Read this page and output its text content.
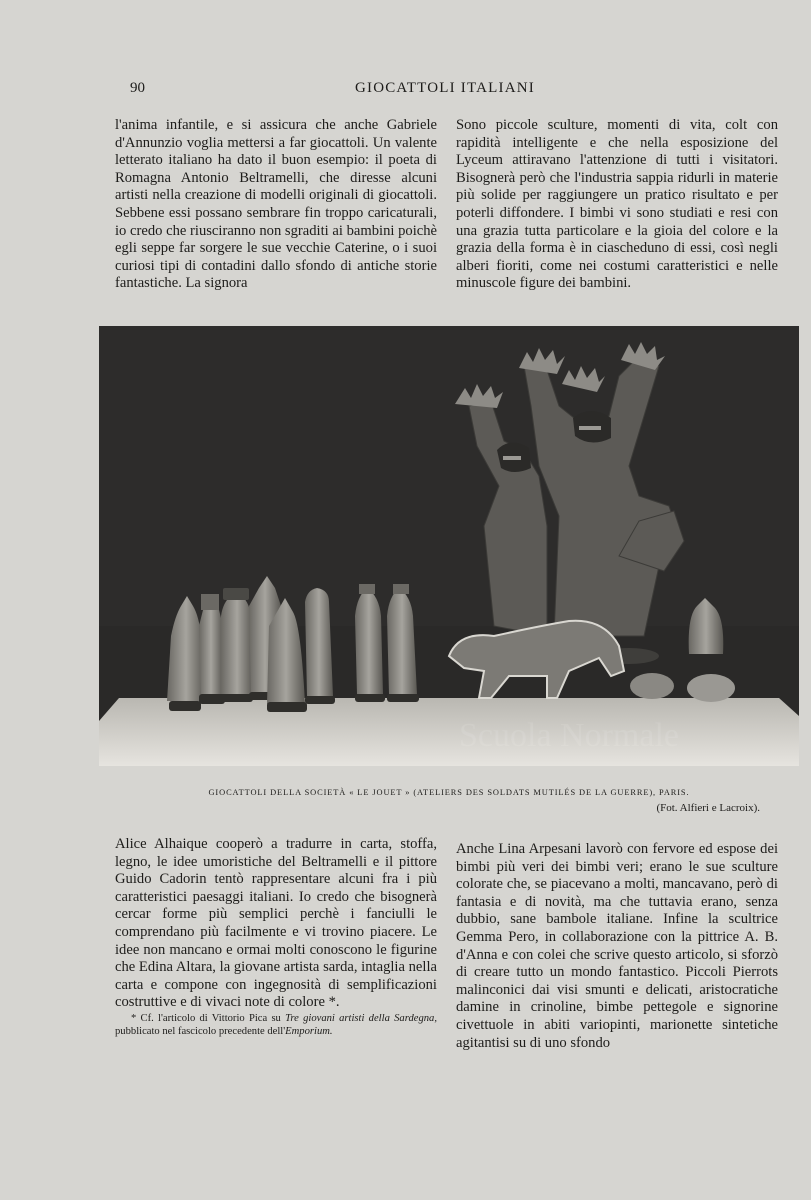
90	GIOCATTOLI ITALIANI

l'anima infantile, e si assicura che anche Gabriele d'Annunzio voglia mettersi a far giocattoli. Un valente letterato italiano ha dato il buon esempio: il poeta di Romagna Antonio Beltramelli, che diresse alcuni artisti nella creazione di modelli originali di giocattoli. Sebbene essi possano sembrare fin troppo caricaturali, io credo che riusciranno non sgraditi ai bambini poichè egli seppe far sorgere le sue vecchie Caterine, o i suoi curiosi tipi di contadini dallo sfondo di antiche storie fantastiche. La signora

Sono piccole sculture, momenti di vita, colt con rapidità intelligente e che nella esposizione del Lyceum attiravano l'attenzione di tutti i visitatori. Bisognerà però che l'industria sappia ridurli in materie più solide per raggiungere un pratico risultato e per poterli diffondere. I bimbi vi sono studiati e resi con una grazia tutta particolare e la gioia del colore e la grazia della forma è in ciascheduno di essi, così negli alberi fioriti, come nei costumi caratteristici e nelle minuscole figure dei bambini.

Scuola Normale
GIOCATTOLI DELLA SOCIETÀ « LE JOUET » (ATELIERS DES SOLDATS MUTILÉS DE LA GUERRE), PARIS.
(Fot. Alfieri e Lacroix).

Alice Alhaique cooperò a tradurre in carta, stoffa, legno, le idee umoristiche del Beltramelli e il pittore Guido Cadorin tentò rappresentare alcuni fra i più caratteristici paesaggi italiani. Io credo che bisognerà cercar forme più semplici perchè i fanciulli le comprendano più facilmente e vi trovino piacere. Le idee non mancano e ormai molti conoscono le figurine che Edina Altara, la giovane artista sarda, intaglia nella carta e compone con ingegnosità di semplificazioni costruttive e di vivaci note di colore *.

* Cf. l'articolo di Vittorio Pica su Tre giovani artisti della Sardegna, pubblicato nel fascicolo precedente dell'Emporium.

Anche Lina Arpesani lavorò con fervore ed espose dei bimbi più veri dei bimbi veri; erano le sue sculture colorate che, se piacevano a molti, mancavano, però di fantasia e di novità, ma che tuttavia erano, senza dubbio, sane bambole italiane. Infine la scultrice Gemma Pero, in collaborazione con la pittrice A. B. d'Anna e con colei che scrive questo articolo, si sforzò di creare tutto un mondo fantastico. Piccoli Pierrots malinconici dai visi smunti e delicati, aristocratiche damine in crinoline, bimbe pettegole e signorine civettuole in abiti variopinti, marionette sintetiche agitantisi su di uno sfondo
